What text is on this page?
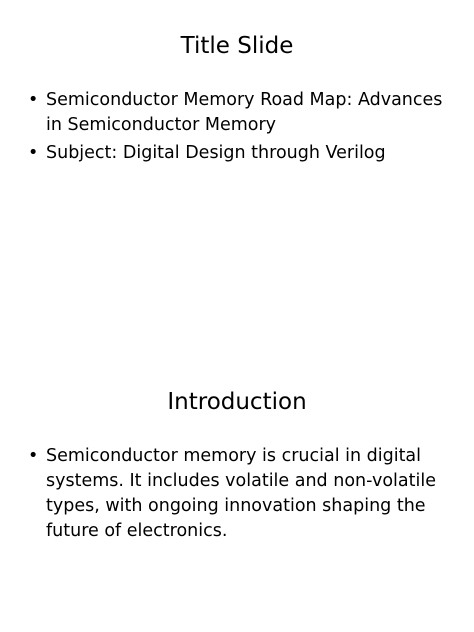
Title Slide
• Semiconductor Memory Road Map: Advances in Semiconductor Memory
• Subject: Digital Design through Verilog
Introduction
• Semiconductor memory is crucial in digital systems. It includes volatile and non-volatile types, with ongoing innovation shaping the future of electronics.
